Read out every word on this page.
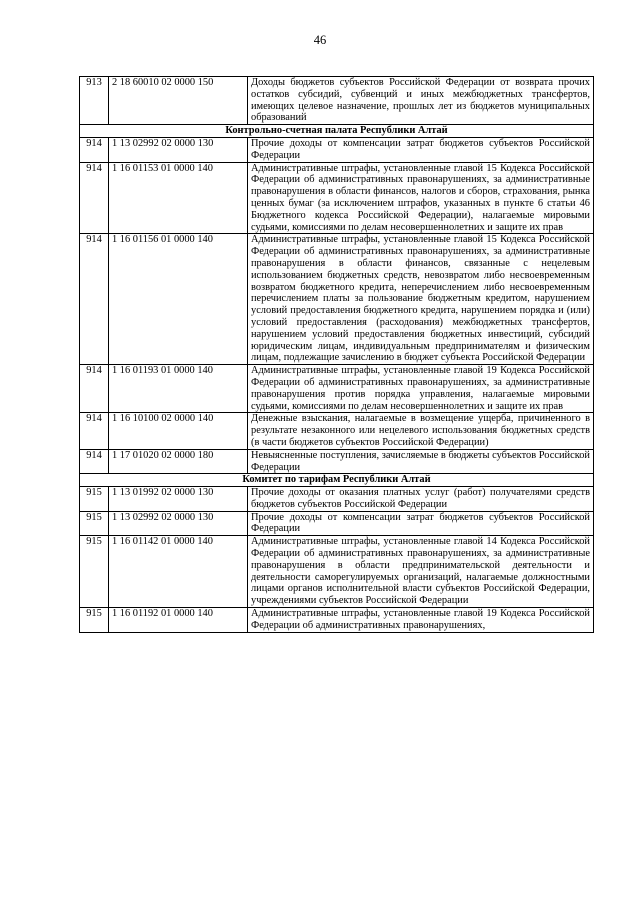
46
913	2 18 60010 02 0000 150	Доходы бюджетов субъектов Российской Федерации от возврата прочих остатков субсидий, субвенций и иных межбюджетных трансфертов, имеющих целевое назначение, прошлых лет из бюджетов муниципальных образований
Контрольно-счетная палата Республики Алтай		
914	1 13 02992 02 0000 130	Прочие доходы от компенсации затрат бюджетов субъектов Российской Федерации
914	1 16 01153 01 0000 140	Административные штрафы, установленные главой 15 Кодекса Российской Федерации об административных правонарушениях, за административные правонарушения в области финансов, налогов и сборов, страхования, рынка ценных бумаг (за исключением штрафов, указанных в пункте 6 статьи 46 Бюджетного кодекса Российской Федерации), налагаемые мировыми судьями, комиссиями по делам несовершеннолетних и защите их прав
914	1 16 01156 01 0000 140	Административные штрафы, установленные главой 15 Кодекса Российской Федерации об административных правонарушениях, за административные правонарушения в области финансов, связанные с нецелевым использованием бюджетных средств, невозвратом либо несвоевременным возвратом бюджетного кредита, неперечислением либо несвоевременным перечислением платы за пользование бюджетным кредитом, нарушением условий предоставления бюджетного кредита, нарушением порядка и (или) условий предоставления (расходования) межбюджетных трансфертов, нарушением условий предоставления бюджетных инвестиций, субсидий юридическим лицам, индивидуальным предпринимателям и физическим лицам, подлежащие зачислению в бюджет субъекта Российской Федерации
914	1 16 01193 01 0000 140	Административные штрафы, установленные главой 19 Кодекса Российской Федерации об административных правонарушениях, за административные правонарушения против порядка управления, налагаемые мировыми судьями, комиссиями по делам несовершеннолетних и защите их прав
914	1 16 10100 02 0000 140	Денежные взыскания, налагаемые в возмещение ущерба, причиненного в результате незаконного или нецелевого использования бюджетных средств (в части бюджетов субъектов Российской Федерации)
914	1 17 01020 02 0000 180	Невыясненные поступления, зачисляемые в бюджеты субъектов Российской Федерации
Комитет по тарифам Республики Алтай		
915	1 13 01992 02 0000 130	Прочие доходы от оказания платных услуг (работ) получателями средств бюджетов субъектов Российской Федерации
915	1 13 02992 02 0000 130	Прочие доходы от компенсации затрат бюджетов субъектов Российской Федерации
915	1 16 01142 01 0000 140	Административные штрафы, установленные главой 14 Кодекса Российской Федерации об административных правонарушениях, за административные правонарушения в области предпринимательской деятельности и деятельности саморегулируемых организаций, налагаемые должностными лицами органов исполнительной власти субъектов Российской Федерации, учреждениями субъектов Российской Федерации
915	1 16 01192 01 0000 140	Административные штрафы, установленные главой 19 Кодекса Российской Федерации об административных правонарушениях,
